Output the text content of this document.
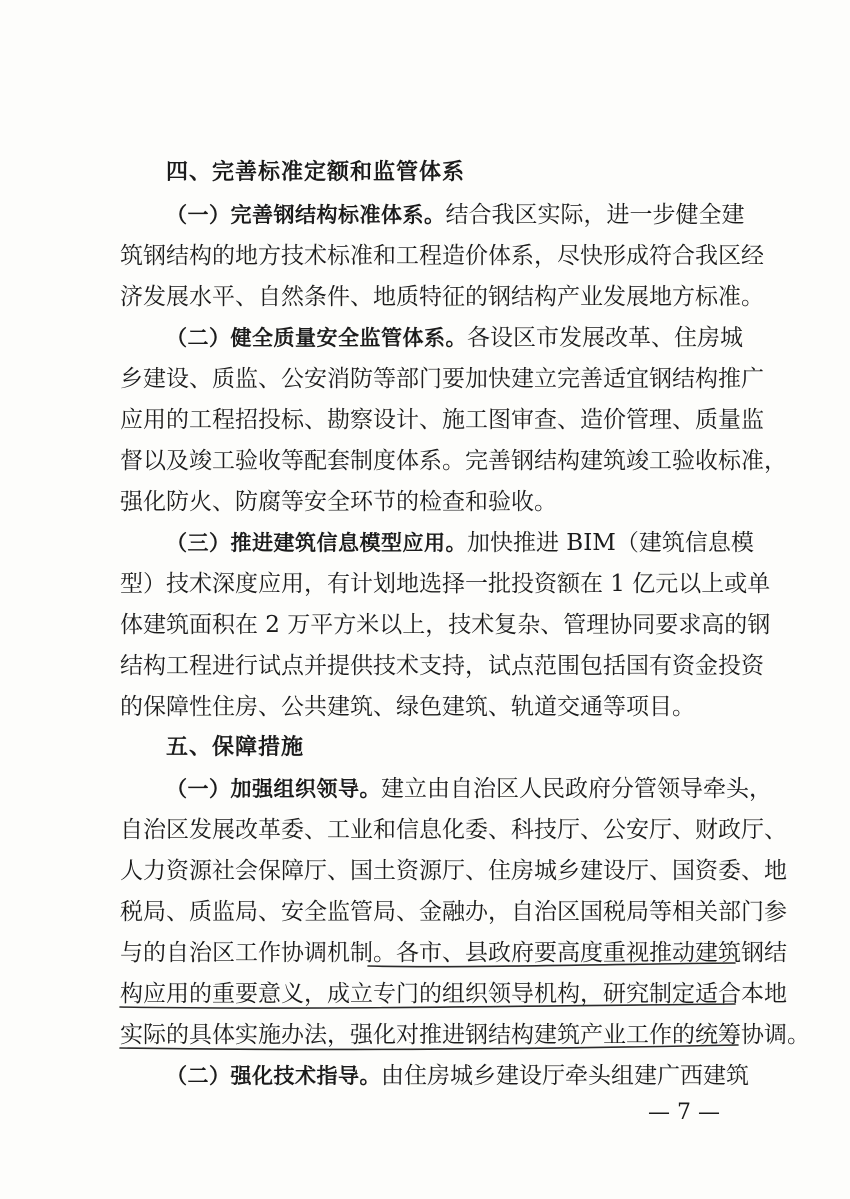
四、完善标准定额和监管体系
（一）完善钢结构标准体系。结合我区实际，进一步健全建
筑钢结构的地方技术标准和工程造价体系，尽快形成符合我区经
济发展水平、自然条件、地质特征的钢结构产业发展地方标准。
（二）健全质量安全监管体系。各设区市发展改革、住房城
乡建设、质监、公安消防等部门要加快建立完善适宜钢结构推广
应用的工程招投标、勘察设计、施工图审查、造价管理、质量监
督以及竣工验收等配套制度体系。完善钢结构建筑竣工验收标准，
强化防火、防腐等安全环节的检查和验收。
（三）推进建筑信息模型应用。加快推进 BIM（建筑信息模
型）技术深度应用，有计划地选择一批投资额在 1 亿元以上或单
体建筑面积在 2 万平方米以上，技术复杂、管理协同要求高的钢
结构工程进行试点并提供技术支持，试点范围包括国有资金投资
的保障性住房、公共建筑、绿色建筑、轨道交通等项目。
五、保障措施
（一）加强组织领导。建立由自治区人民政府分管领导牵头，
自治区发展改革委、工业和信息化委、科技厅、公安厅、财政厅、
人力资源社会保障厅、国土资源厅、住房城乡建设厅、国资委、地
税局、质监局、安全监管局、金融办，自治区国税局等相关部门参
与的自治区工作协调机制。各市、县政府要高度重视推动建筑钢结
构应用的重要意义，成立专门的组织领导机构，研究制定适合本地
实际的具体实施办法，强化对推进钢结构建筑产业工作的统筹协调。
（二）强化技术指导。由住房城乡建设厅牵头组建广西建筑
— 7 —
